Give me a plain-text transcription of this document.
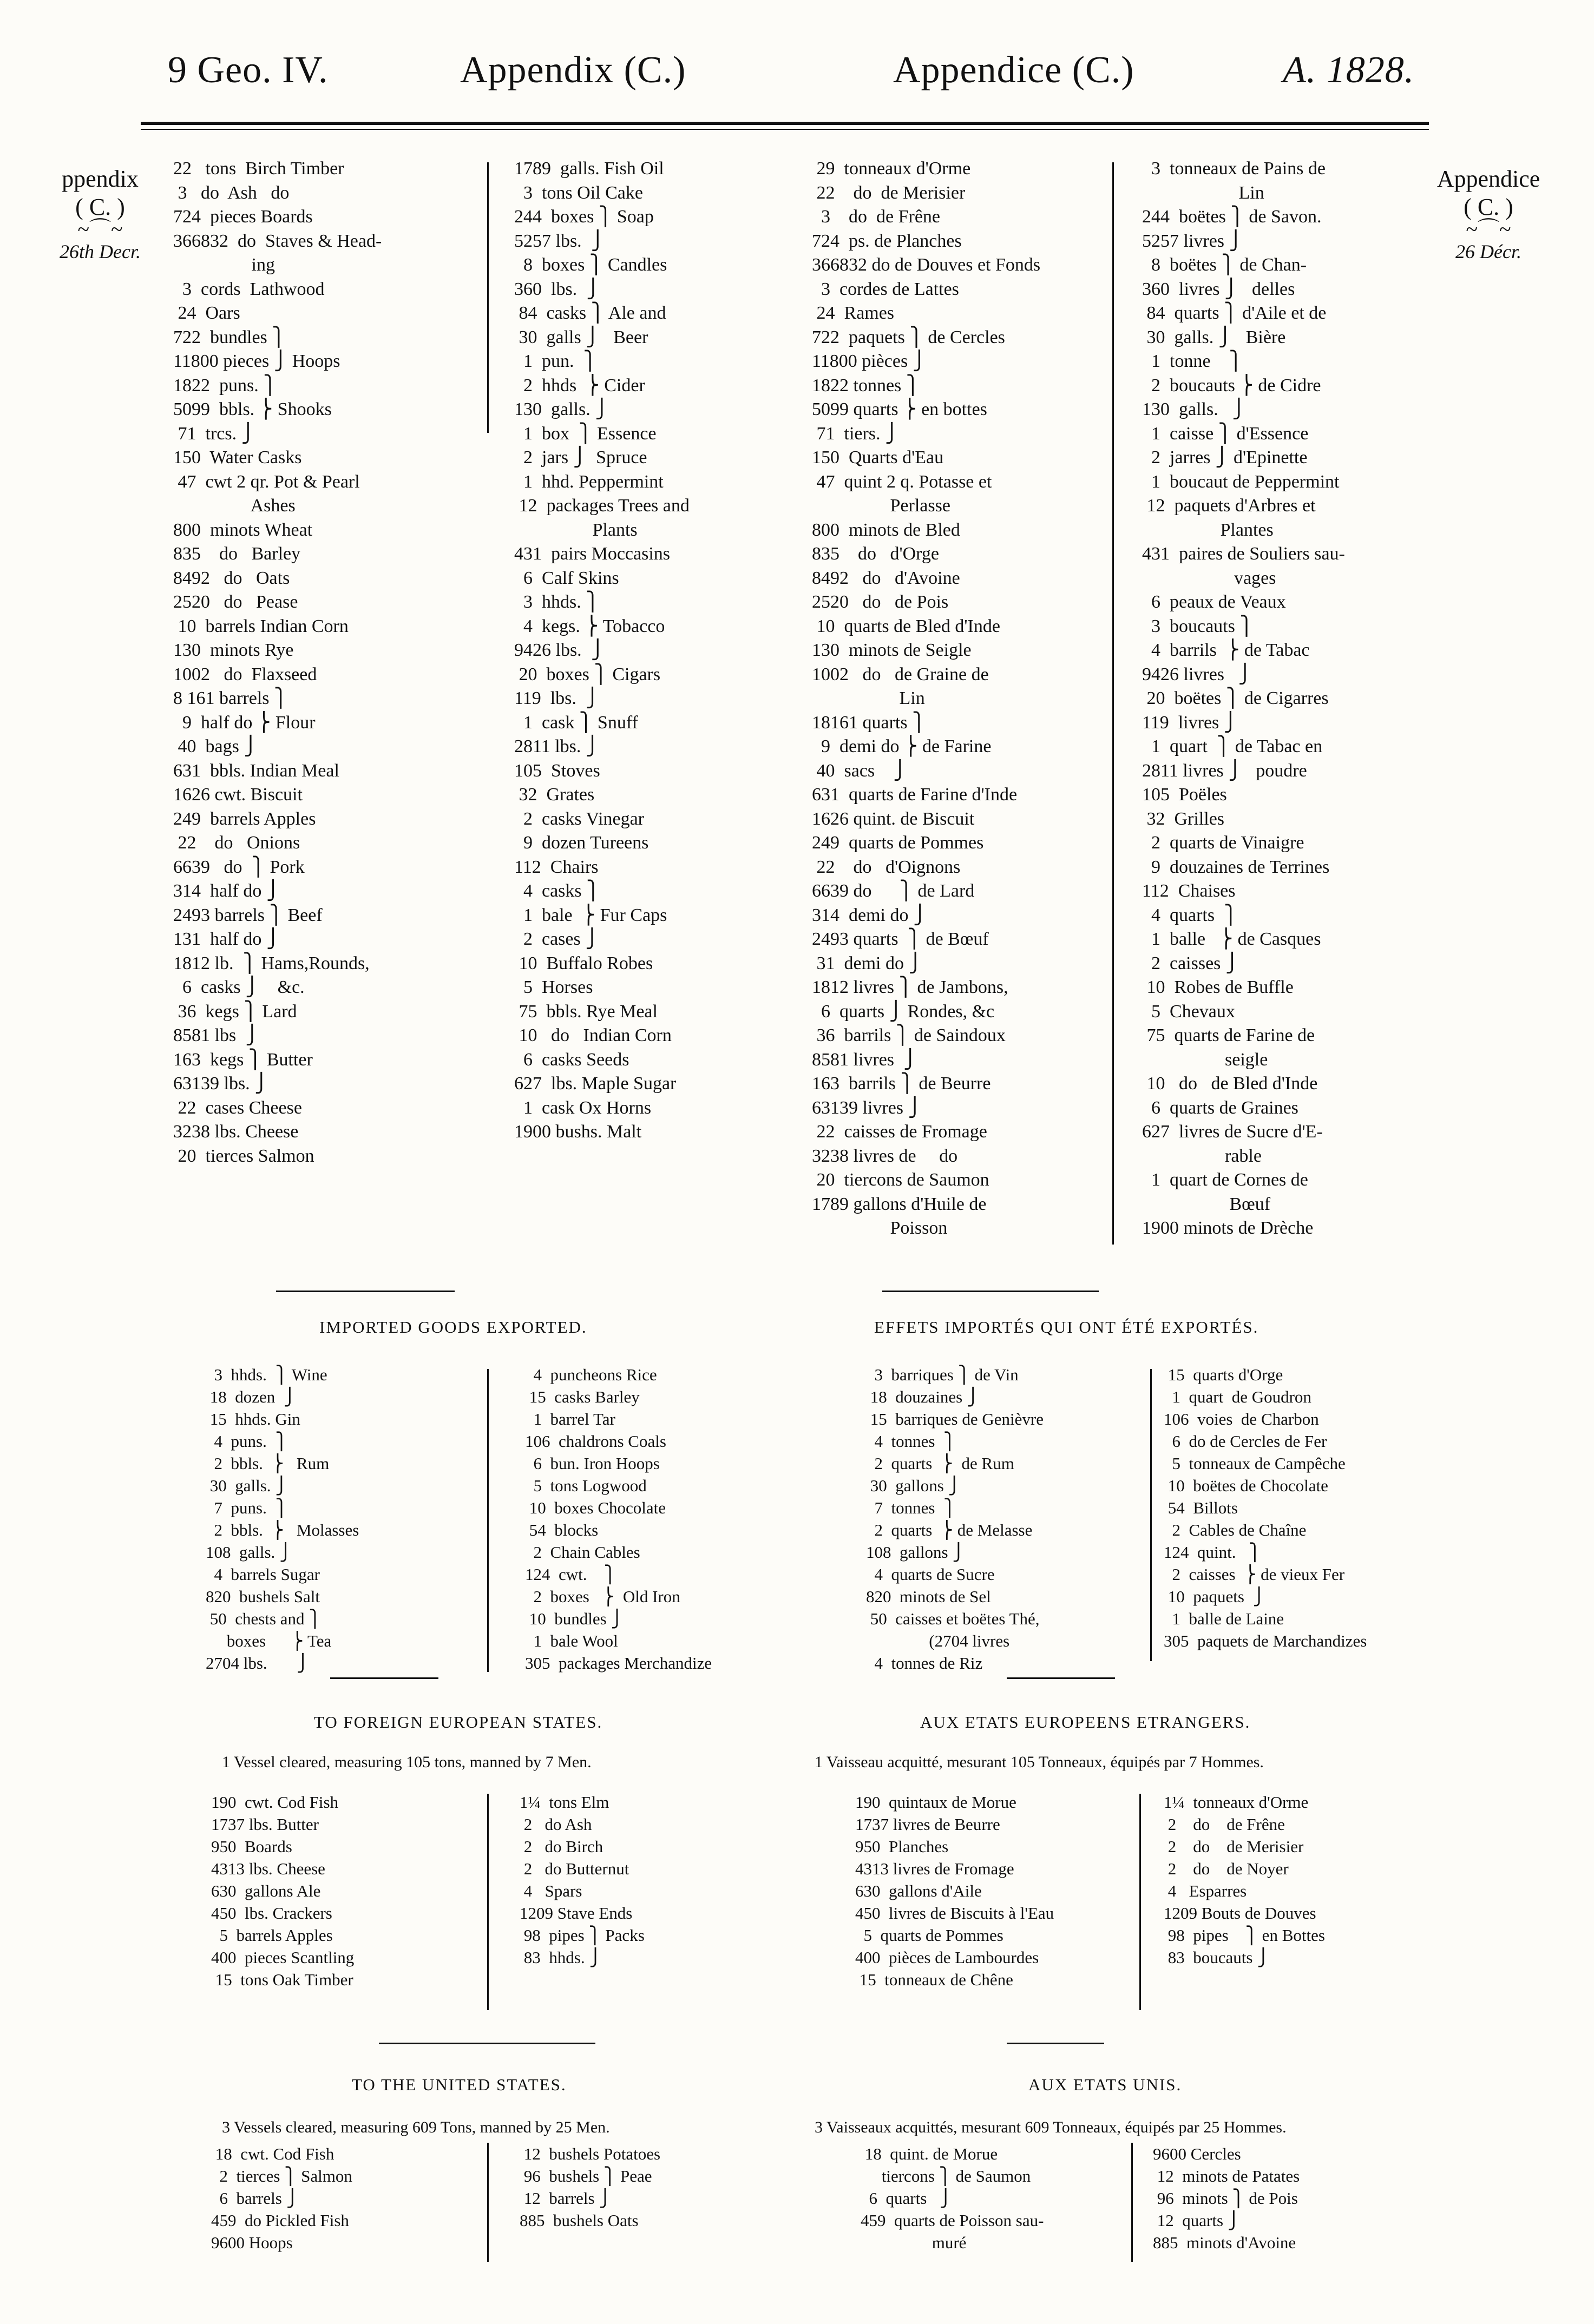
9 Geo. IV.	Appendix (C.)	Appendice (C.)	A. 1828.
ppendix
( C. )
~⌒~
26th Decr.
Appendice
( C. )
~⌒~
26 Décr.
22   tons  Birch Timber
3   do  Ash   do
724  pieces Boards
366832  do  Staves & Head-
ing
3  cords  Lathwood
24  Oars
722  bundles ⎫
11800 pieces ⎭ Hoops
1822  puns. ⎫
5099  bbls. ⎬ Shooks
71  trcs. ⎭
150  Water Casks
47  cwt 2 qr. Pot & Pearl
Ashes
800  minots Wheat
835    do   Barley
8492   do   Oats
2520   do   Pease
10  barrels Indian Corn
130  minots Rye
1002   do  Flaxseed
8 161 barrels ⎫
9  half do ⎬ Flour
40  bags ⎭
631  bbls. Indian Meal
1626 cwt. Biscuit
249  barrels Apples
22    do   Onions
6639   do  ⎫ Pork
314  half do ⎭
2493 barrels ⎫ Beef
131  half do ⎭
1812 lb.  ⎫ Hams,Rounds,
6  casks ⎭    &c.
36  kegs ⎫ Lard
8581 lbs  ⎭
163  kegs ⎫ Butter
63139 lbs. ⎭
22  cases Cheese
3238 lbs. Cheese
20  tierces Salmon
1789  galls. Fish Oil
3  tons Oil Cake
244  boxes ⎫ Soap
5257 lbs.  ⎭
8  boxes ⎫ Candles
360  lbs.  ⎭
84  casks ⎫ Ale and
30  galls ⎭   Beer
1  pun.  ⎫
2  hhds  ⎬ Cider
130  galls. ⎭
1  box  ⎫ Essence
2  jars ⎭  Spruce
1  hhd. Peppermint
12  packages Trees and
Plants
431  pairs Moccasins
6  Calf Skins
3  hhds. ⎫
4  kegs. ⎬ Tobacco
9426 lbs.  ⎭
20  boxes ⎫ Cigars
119  lbs.  ⎭
1  cask ⎫ Snuff
2811 lbs. ⎭
105  Stoves
32  Grates
2  casks Vinegar
9  dozen Tureens
112  Chairs
4  casks ⎫
1  bale  ⎬ Fur Caps
2  cases ⎭
10  Buffalo Robes
5  Horses
75  bbls. Rye Meal
10   do   Indian Corn
6  casks Seeds
627  lbs. Maple Sugar
1  cask Ox Horns
1900 bushs. Malt
29  tonneaux d'Orme
22    do  de Merisier
3    do  de Frêne
724  ps. de Planches
366832 do de Douves et Fonds
3  cordes de Lattes
24  Rames
722  paquets ⎫ de Cercles
11800 pièces ⎭
1822 tonnes ⎫
5099 quarts ⎬ en bottes
71  tiers. ⎭
150  Quarts d'Eau
47  quint 2 q. Potasse et
Perlasse
800  minots de Bled
835    do   d'Orge
8492   do   d'Avoine
2520   do   de Pois
10  quarts de Bled d'Inde
130  minots de Seigle
1002   do   de Graine de
Lin
18161 quarts ⎫
9  demi do ⎬ de Farine
40  sacs    ⎭
631  quarts de Farine d'Inde
1626 quint. de Biscuit
249  quarts de Pommes
22    do   d'Oignons
6639 do      ⎫ de Lard
314  demi do ⎭
2493 quarts  ⎫ de Bœuf
31  demi do ⎭
1812 livres ⎫ de Jambons,
6  quarts ⎭ Rondes, &c
36  barrils ⎫ de Saindoux
8581 livres  ⎭
163  barrils ⎫ de Beurre
63139 livres ⎭
22  caisses de Fromage
3238 livres de     do
20  tiercons de Saumon
1789 gallons d'Huile de
Poisson
3  tonneaux de Pains de
Lin
244  boëtes ⎫ de Savon.
5257 livres ⎭
8  boëtes ⎫ de Chan-
360  livres ⎭   delles
84  quarts ⎫ d'Aile et de
30  galls. ⎭   Bière
1  tonne    ⎫
2  boucauts ⎬ de Cidre
130  galls.   ⎭
1  caisse ⎫ d'Essence
2  jarres ⎭ d'Epinette
1  boucaut de Peppermint
12  paquets d'Arbres et
Plantes
431  paires de Souliers sau-
vages
6  peaux de Veaux
3  boucauts ⎫
4  barrils  ⎬ de Tabac
9426 livres   ⎭
20  boëtes ⎫ de Cigarres
119  livres ⎭
1  quart  ⎫ de Tabac en
2811 livres ⎭   poudre
105  Poëles
32  Grilles
2  quarts de Vinaigre
9  douzaines de Terrines
112  Chaises
4  quarts  ⎫
1  balle   ⎬ de Casques
2  caisses ⎭
10  Robes de Buffle
5  Chevaux
75  quarts de Farine de
seigle
10   do   de Bled d'Inde
6  quarts de Graines
627  livres de Sucre d'E-
rable
1  quart de Cornes de
Bœuf
1900 minots de Drèche
IMPORTED GOODS EXPORTED.	EFFETS IMPORTÉS QUI ONT ÉTÉ EXPORTÉS.
3  hhds.  ⎫ Wine
18  dozen  ⎭
15  hhds. Gin
4  puns.  ⎫
2  bbls.  ⎬   Rum
30  galls. ⎭
7  puns.  ⎫
2  bbls.  ⎬   Molasses
108  galls. ⎭
4  barrels Sugar
820  bushels Salt
50  chests and ⎫
boxes      ⎬ Tea
2704 lbs.       ⎭
4  puncheons Rice
15  casks Barley
1  barrel Tar
106  chaldrons Coals
6  bun. Iron Hoops
5  tons Logwood
10  boxes Chocolate
54  blocks
2  Chain Cables
124  cwt.    ⎫
2  boxes   ⎬  Old Iron
10  bundles ⎭
1  bale Wool
305  packages Merchandize
3  barriques ⎫ de Vin
18  douzaines ⎭
15  barriques de Genièvre
4  tonnes  ⎫
2  quarts  ⎬  de Rum
30  gallons ⎭
7  tonnes  ⎫
2  quarts  ⎬ de Melasse
108  gallons ⎭
4  quarts de Sucre
820  minots de Sel
50  caisses et boëtes Thé,
(2704 livres
4  tonnes de Riz
15  quarts d'Orge
1  quart  de Goudron
106  voies  de Charbon
6  do de Cercles de Fer
5  tonneaux de Campêche
10  boëtes de Chocolate
54  Billots
2  Cables de Chaîne
124  quint.   ⎫
2  caisses  ⎬ de vieux Fer
10  paquets  ⎭
1  balle de Laine
305  paquets de Marchandizes
TO FOREIGN EUROPEAN STATES.	AUX ETATS EUROPEENS ETRANGERS.
1 Vessel cleared, measuring 105 tons, manned by 7 Men.	1 Vaisseau acquitté, mesurant 105 Tonneaux, équipés par 7 Hommes.
190  cwt. Cod Fish
1737 lbs. Butter
950  Boards
4313 lbs. Cheese
630  gallons Ale
450  lbs. Crackers
5  barrels Apples
400  pieces Scantling
15  tons Oak Timber
1¼  tons Elm
2   do Ash
2   do Birch
2   do Butternut
4   Spars
1209 Stave Ends
98  pipes ⎫ Packs
83  hhds. ⎭
190  quintaux de Morue
1737 livres de Beurre
950  Planches
4313 livres de Fromage
630  gallons d'Aile
450  livres de Biscuits à l'Eau
5  quarts de Pommes
400  pièces de Lambourdes
15  tonneaux de Chêne
1¼  tonneaux d'Orme
2    do    de Frêne
2    do    de Merisier
2    do    de Noyer
4   Esparres
1209 Bouts de Douves
98  pipes    ⎫ en Bottes
83  boucauts ⎭
TO THE UNITED STATES.	AUX ETATS UNIS.
3 Vessels cleared, measuring 609 Tons, manned by 25 Men.	3 Vaisseaux acquittés, mesurant 609 Tonneaux, équipés par 25 Hommes.
18  cwt. Cod Fish
2  tierces ⎫ Salmon
6  barrels ⎭
459  do Pickled Fish
9600 Hoops
12  bushels Potatoes
96  bushels ⎫ Peae
12  barrels ⎭
885  bushels Oats
18  quint. de Morue
tiercons ⎫ de Saumon
6  quarts   ⎭
459  quarts de Poisson sau-
muré
9600 Cercles
12  minots de Patates
96  minots ⎫ de Pois
12  quarts ⎭
885  minots d'Avoine
